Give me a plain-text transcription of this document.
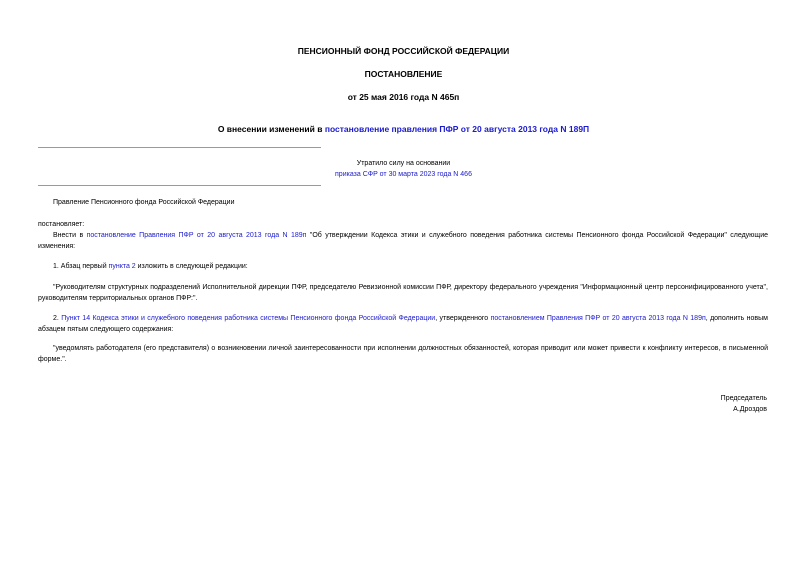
ПЕНСИОННЫЙ ФОНД РОССИЙСКОЙ ФЕДЕРАЦИИ
ПОСТАНОВЛЕНИЕ
от 25 мая 2016 года N 465п
О внесении изменений в постановление правления ПФР от 20 августа 2013 года N 189П
Утратило силу на основании
приказа СФР от 30 марта 2023 года N 466
Правление Пенсионного фонда Российской Федерации
постановляет:
Внести в постановление Правления ПФР от 20 августа 2013 года N 189п "Об утверждении Кодекса этики и служебного поведения работника системы Пенсионного фонда Российской Федерации" следующие изменения:
1. Абзац первый пункта 2 изложить в следующей редакции:
"Руководителям структурных подразделений Исполнительной дирекции ПФР, председателю Ревизионной комиссии ПФР, директору федерального учреждения "Информационный центр персонифицированного учета", руководителям территориальных органов ПФР:".
2. Пункт 14 Кодекса этики и служебного поведения работника системы Пенсионного фонда Российской Федерации, утвержденного постановлением Правления ПФР от 20 августа 2013 года N 189п, дополнить новым абзацем пятым следующего содержания:
"уведомлять работодателя (его представителя) о возникновении личной заинтересованности при исполнении должностных обязанностей, которая приводит или может привести к конфликту интересов, в письменной форме.".
Председатель
А.Дроздов
